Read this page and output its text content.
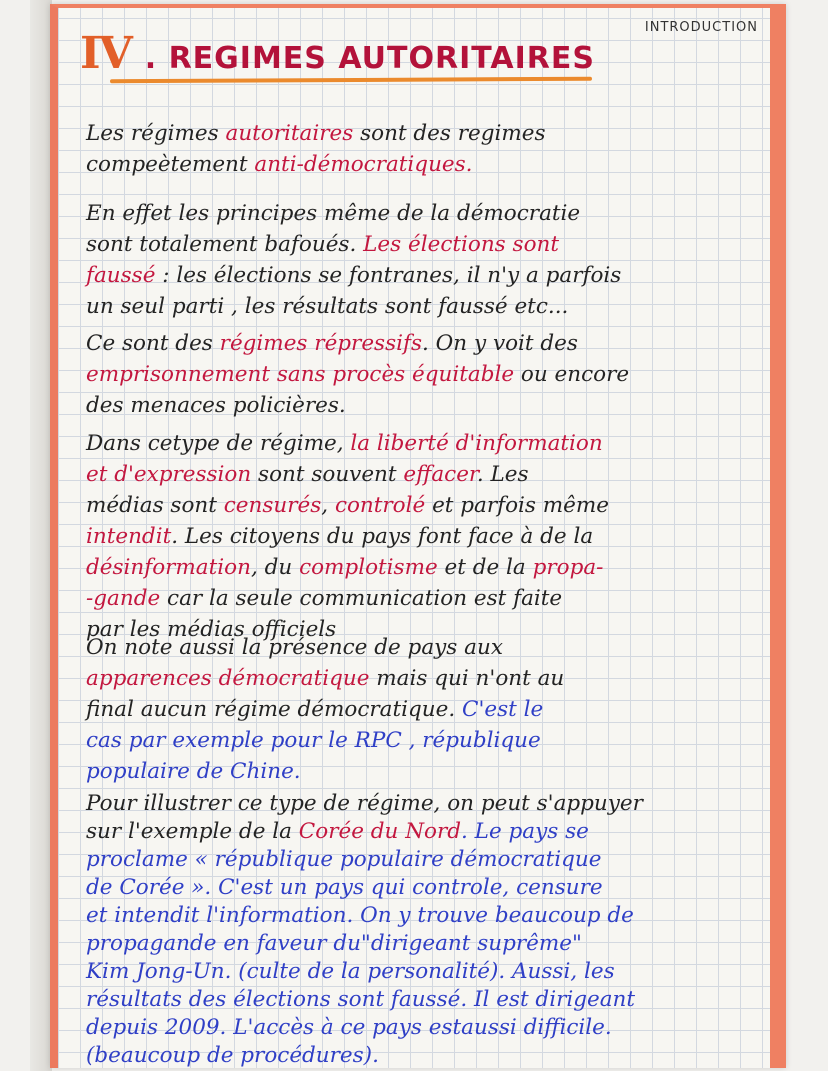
INTRODUCTION
IV . REGIMES AUTORITAIRES
Les régimes autoritaires sont des regimes
compeètement anti-démocratiques.
En effet les principes même de la démocratie
sont totalement bafoués. Les élections sont
faussé : les élections se fontranes, il n'y a parfois
un seul parti , les résultats sont faussé etc...
Ce sont des régimes répressifs. On y voit des
emprisonnement sans procès équitable ou encore
des menaces policières.
Dans cetype de régime, la liberté d'information
et d'expression sont souvent effacer. Les
médias sont censurés, controlé et parfois même
intendit. Les citoyens du pays font face à de la
désinformation, du complotisme et de la propa-
-gande car la seule communication est faite
par les médias officiels
On note aussi la présence de pays aux
apparences démocratique mais qui n'ont au
final aucun régime démocratique. C'est le
cas par exemple pour le RPC , république
populaire de Chine.
Pour illustrer ce type de régime, on peut s'appuyer
sur l'exemple de la Corée du Nord. Le pays se
proclame « république populaire démocratique
de Corée ». C'est un pays qui controle, censure
et intendit l'information. On y trouve beaucoup de
propagande en faveur du"dirigeant suprême"
Kim Jong-Un. (culte de la personalité). Aussi, les
résultats des élections sont faussé. Il est dirigeant
depuis 2009. L'accès à ce pays estaussi difficile.
(beaucoup de procédures).
